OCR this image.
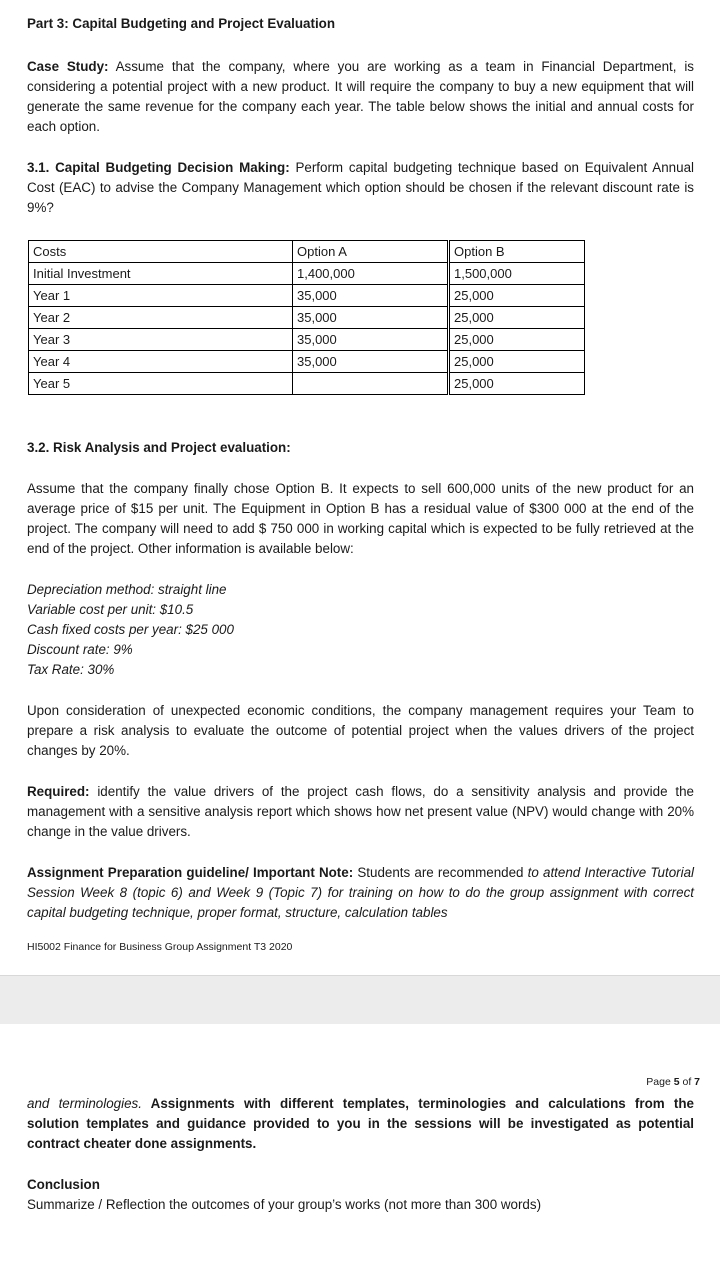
Part 3: Capital Budgeting and Project Evaluation
Case Study: Assume that the company, where you are working as a team in Financial Department, is considering a potential project with a new product. It will require the company to buy a new equipment that will generate the same revenue for the company each year. The table below shows the initial and annual costs for each option.
3.1. Capital Budgeting Decision Making: Perform capital budgeting technique based on Equivalent Annual Cost (EAC) to advise the Company Management which option should be chosen if the relevant discount rate is 9%?
Costs	Option A	Option B
Initial Investment	1,400,000	1,500,000
Year 1	35,000	25,000
Year 2	35,000	25,000
Year 3	35,000	25,000
Year 4	35,000	25,000
Year 5		25,000
3.2. Risk Analysis and Project evaluation:
Assume that the company finally chose Option B. It expects to sell 600,000 units of the new product for an average price of $15 per unit. The Equipment in Option B has a residual value of $300 000 at the end of the project. The company will need to add $ 750 000 in working capital which is expected to be fully retrieved at the end of the project. Other information is available below:
Depreciation method: straight line
Variable cost per unit: $10.5
Cash fixed costs per year: $25 000
Discount rate: 9%
Tax Rate: 30%
Upon consideration of unexpected economic conditions, the company management requires your Team to prepare a risk analysis to evaluate the outcome of potential project when the values drivers of the project changes by 20%.
Required: identify the value drivers of the project cash flows, do a sensitivity analysis and provide the management with a sensitive analysis report which shows how net present value (NPV) would change with 20% change in the value drivers.
Assignment Preparation guideline/ Important Note: Students are recommended to attend Interactive Tutorial Session Week 8 (topic 6) and Week 9 (Topic 7) for training on how to do the group assignment with correct capital budgeting technique, proper format, structure, calculation tables
HI5002 Finance for Business Group Assignment T3 2020
Page 5 of 7
and terminologies. Assignments with different templates, terminologies and calculations from the solution templates and guidance provided to you in the sessions will be investigated as potential contract cheater done assignments.
Conclusion
Summarize / Reflection the outcomes of your group’s works (not more than 300 words)
